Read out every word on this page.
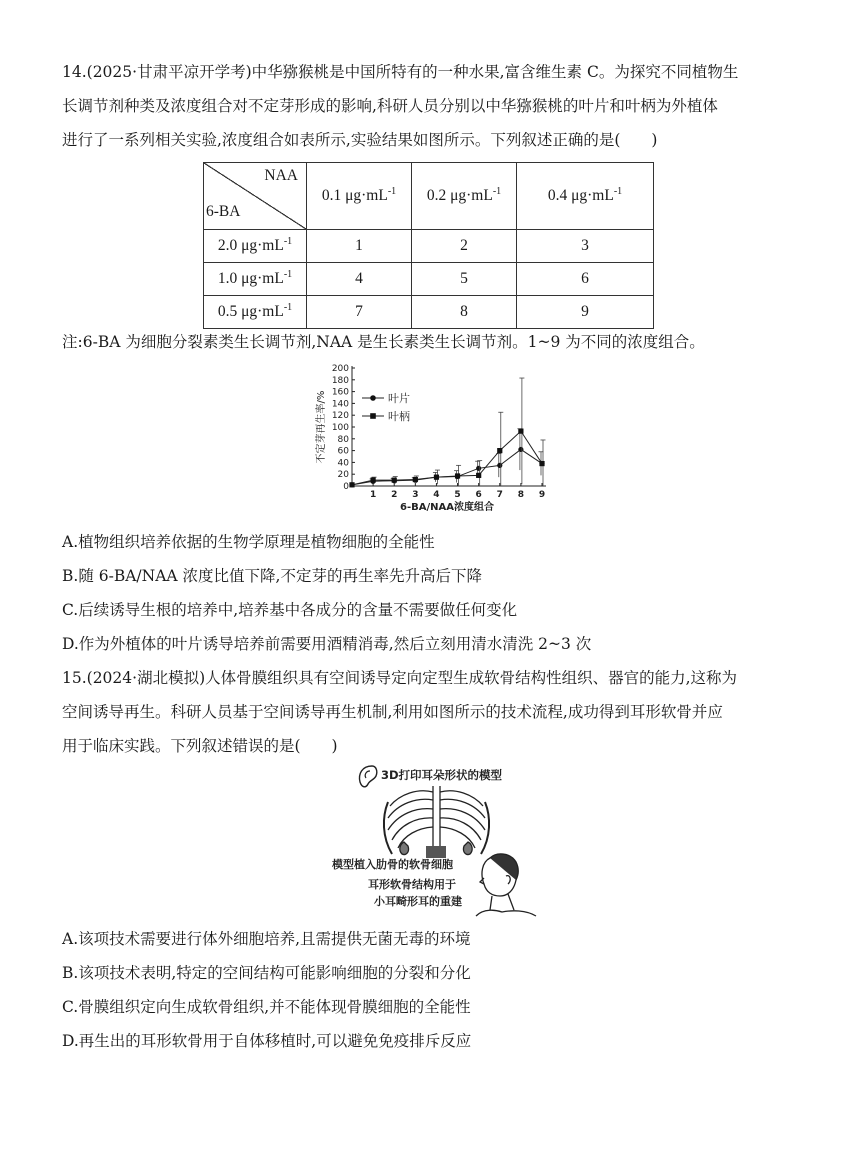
14.(2025·甘肃平凉开学考)中华猕猴桃是中国所特有的一种水果,富含维生素 C。为探究不同植物生
长调节剂种类及浓度组合对不定芽形成的影响,科研人员分别以中华猕猴桃的叶片和叶柄为外植体
进行了一系列相关实验,浓度组合如表所示,实验结果如图所示。下列叙述正确的是(　　)
NAA
6-BA	0.1 $\mu g\cdot mL^{-1}$	0.2 $\mu g\cdot mL^{-1}$	0.4 $\mu g\cdot mL^{-1}$
2.0 $\mu g\cdot mL^{-1}$	1	2	3
1.0 $\mu g\cdot mL^{-1}$	4	5	6
0.5 $\mu g\cdot mL^{-1}$	7	8	9
注:6-BA 为细胞分裂素类生长调节剂,NAA 是生长素类生长调节剂。1~9 为不同的浓度组合。
0
20
40
60
80
100
120
140
160
180
200
1 2 3 4 5 6 7 8 9
6-BA/NAA浓度组合
不定芽再生率/%	叶片
叶柄
A.植物组织培养依据的生物学原理是植物细胞的全能性
B.随 6-BA/NAA 浓度比值下降,不定芽的再生率先升高后下降
C.后续诱导生根的培养中,培养基中各成分的含量不需要做任何变化
D.作为外植体的叶片诱导培养前需要用酒精消毒,然后立刻用清水清洗 2~3 次
15.(2024·湖北模拟)人体骨膜组织具有空间诱导定向定型生成软骨结构性组织、器官的能力,这称为
空间诱导再生。科研人员基于空间诱导再生机制,利用如图所示的技术流程,成功得到耳形软骨并应
用于临床实践。下列叙述错误的是(　　)
3D打印耳朵形状的模型
模型植入肋骨的软骨细胞
耳形软骨结构用于
小耳畸形耳的重建
A.该项技术需要进行体外细胞培养,且需提供无菌无毒的环境
B.该项技术表明,特定的空间结构可能影响细胞的分裂和分化
C.骨膜组织定向生成软骨组织,并不能体现骨膜细胞的全能性
D.再生出的耳形软骨用于自体移植时,可以避免免疫排斥反应
